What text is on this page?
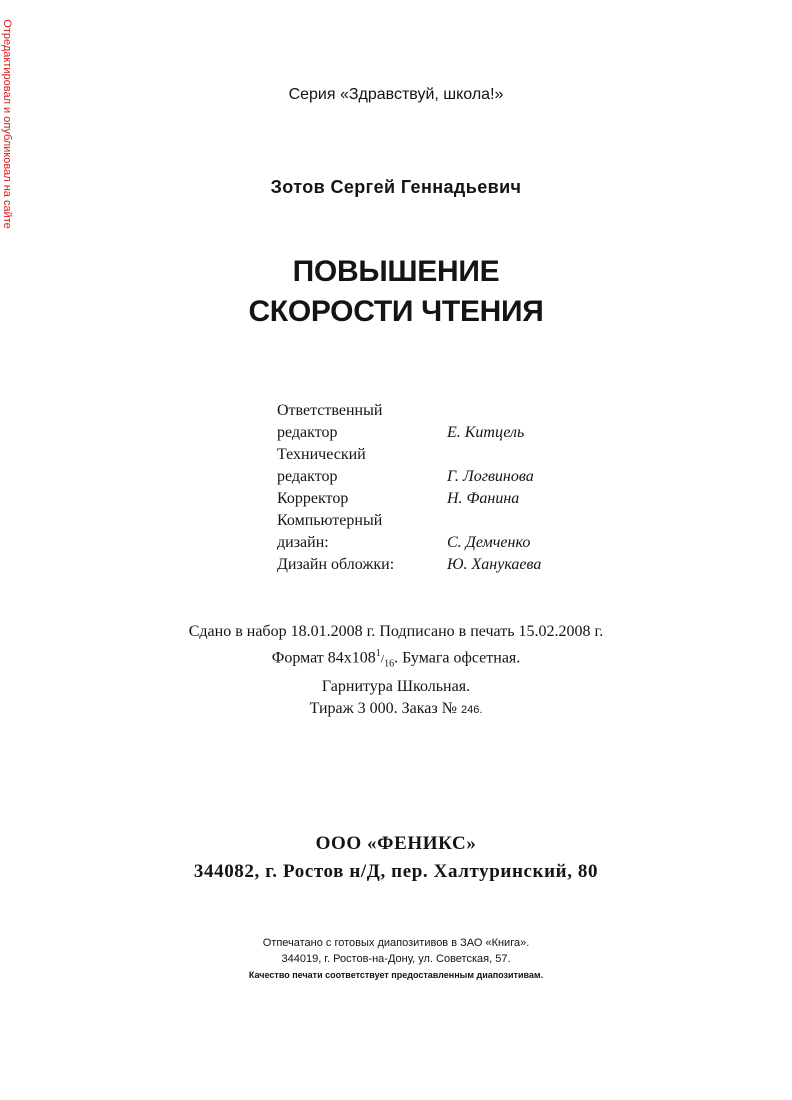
Отредактировал и опубликовал на сайте	Серия «Здравствуй, школа!»
Зотов Сергей Геннадьевич
ПОВЫШЕНИЕ
СКОРОСТИ ЧТЕНИЯ
Ответственный
редактор	Е. Китцель
Технический
редактор	Г. Логвинова
Корректор	Н. Фанина
Компьютерный
дизайн:	С. Демченко
Дизайн обложки:	Ю. Ханукаева
Сдано в набор 18.01.2008 г. Подписано в печать 15.02.2008 г.
Формат $84x108^1/_{16}$. Бумага офсетная.
Гарнитура Школьная.
Тираж 3 000. Заказ № 246.
ООО «ФЕНИКС»
344082, г. Ростов н/Д, пер. Халтуринский, 80
Отпечатано с готовых диапозитивов в ЗАО «Книга».
344019, г. Ростов-на-Дону, ул. Советская, 57.
Качество печати соответствует предоставленным диапозитивам.
